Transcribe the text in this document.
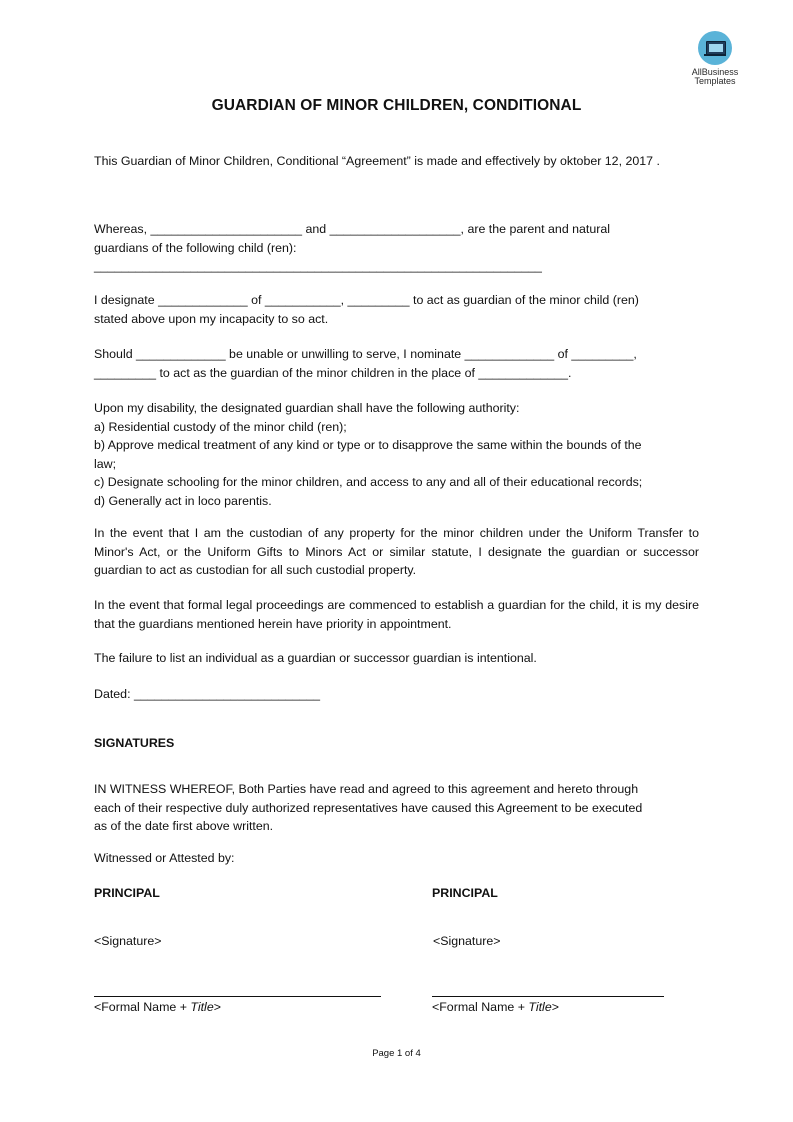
AllBusiness
Templates
GUARDIAN OF MINOR CHILDREN, CONDITIONAL
This Guardian of Minor Children, Conditional “Agreement” is made and effectively by oktober 12, 2017 .
Whereas, ______________________ and ___________________, are the parent and natural
guardians of the following child (ren):
_________________________________________________________________
I designate _____________ of ___________, _________ to act as guardian of the minor child (ren)
stated above upon my incapacity to so act.
Should _____________ be unable or unwilling to serve, I nominate _____________ of _________,
_________ to act as the guardian of the minor children in the place of _____________.
Upon my disability, the designated guardian shall have the following authority:
a) Residential custody of the minor child (ren);
b) Approve medical treatment of any kind or type or to disapprove the same within the bounds of the
law;
c) Designate schooling for the minor children, and access to any and all of their educational records;
d) Generally act in loco parentis.
In the event that I am the custodian of any property for the minor children under the Uniform Transfer to Minor's Act, or the Uniform Gifts to Minors Act or similar statute, I designate the guardian or successor guardian to act as custodian for all such custodial property.
In the event that formal legal proceedings are commenced to establish a guardian for the child, it is my desire that the guardians mentioned herein have priority in appointment.
The failure to list an individual as a guardian or successor guardian is intentional.
Dated: ___________________________
SIGNATURES
IN WITNESS WHEREOF, Both Parties have read and agreed to this agreement and hereto through
each of their respective duly authorized representatives have caused this Agreement to be executed
as of the date first above written.
Witnessed or Attested by:
PRINCIPAL
<Signature>
<Formal Name + Title>
PRINCIPAL
<Signature>
<Formal Name + Title>
Page 1 of 4
